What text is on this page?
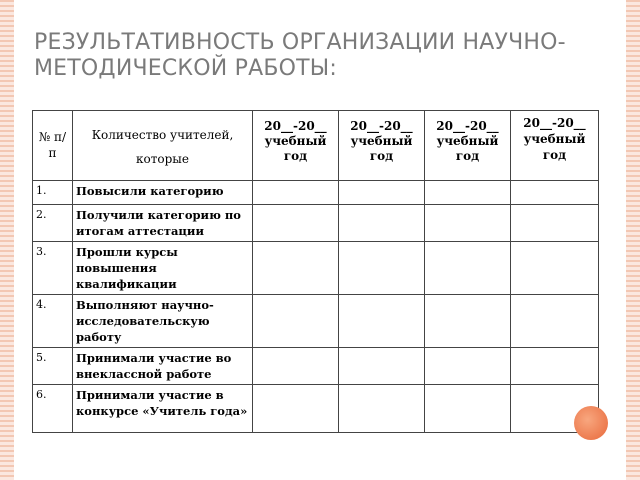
РЕЗУЛЬТАТИВНОСТЬ ОРГАНИЗАЦИИ НАУЧНО-МЕТОДИЧЕСКОЙ РАБОТЫ:
№ п/п	Количество учителей, которые	20__-20__ учебный год	20__-20__ учебный год	20__-20__ учебный год	20__-20__ учебный год
1.	Повысили категорию				
2.	Получили категорию по итогам аттестации				
3.	Прошли курсы повышения квалификации				
4.	Выполняют научно-исследовательскую работу				
5.	Принимали участие во внеклассной работе				
6.	Принимали участие в конкурсе «Учитель года»				
